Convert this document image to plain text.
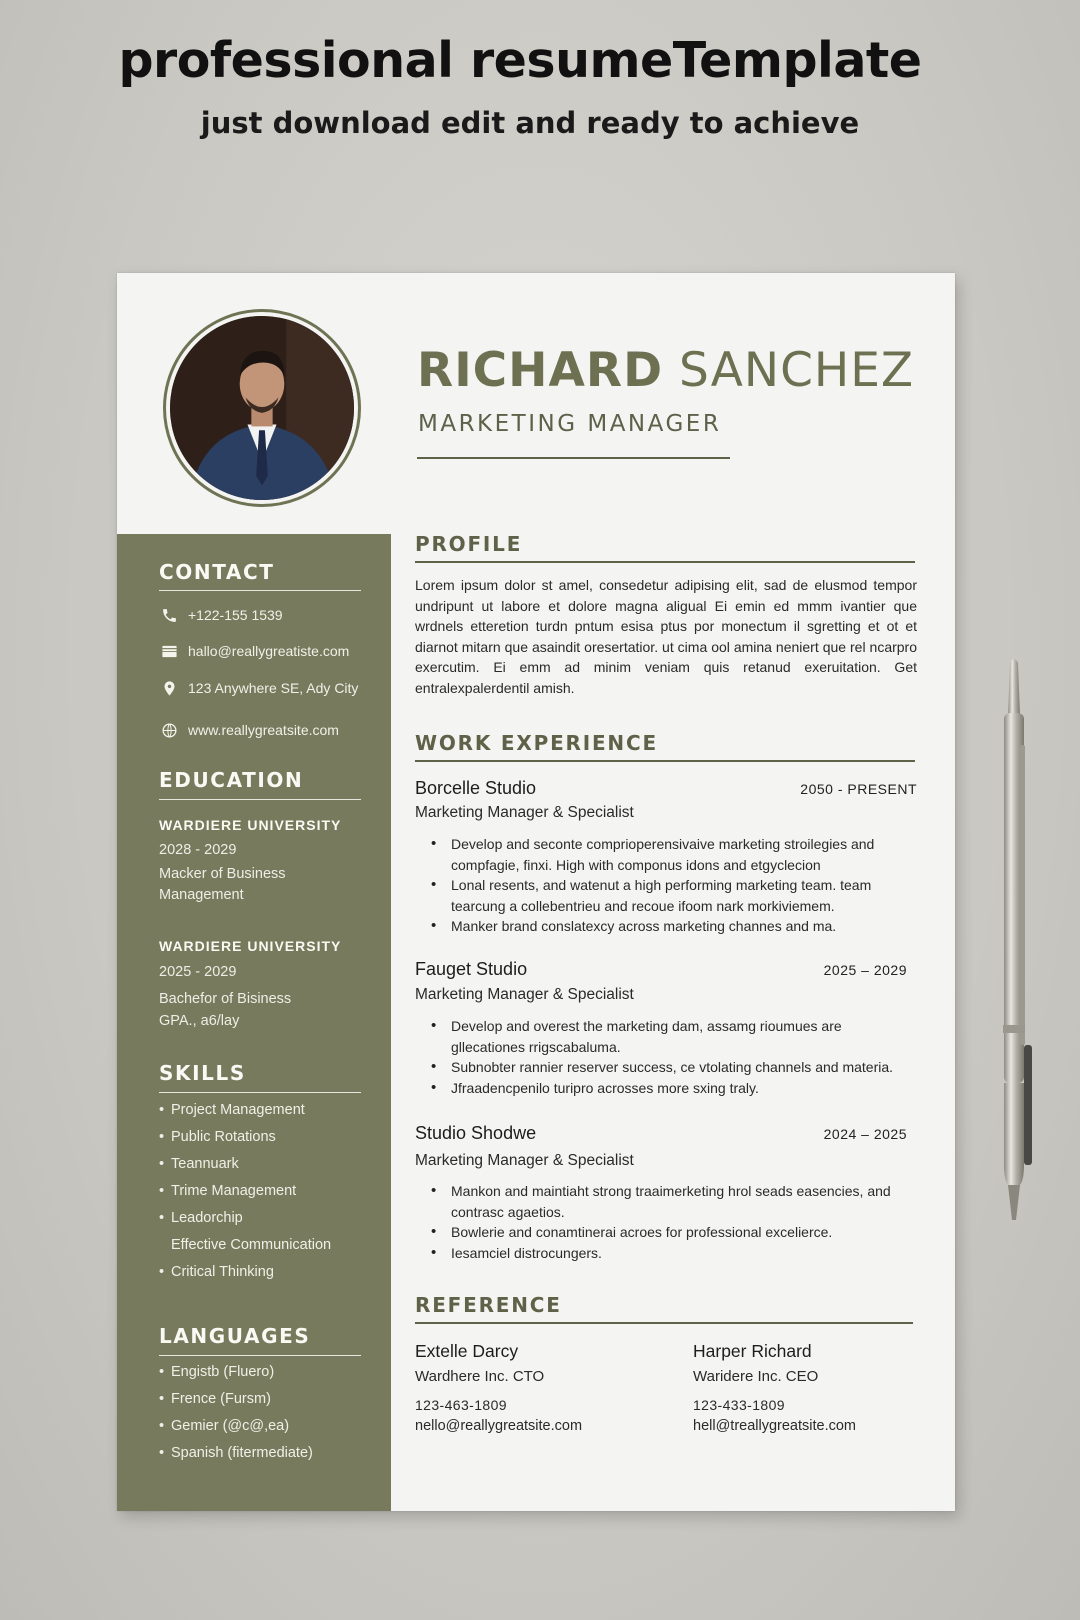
professional resumeTemplate
just download edit and ready to achieve
RICHARD SANCHEZ
MARKETING MANAGER
CONTACT
+122-155 1539
hallo@reallygreatiste.com
123 Anywhere SE, Ady City
www.reallygreatsite.com
EDUCATION
WARDIERE UNIVERSITY
2028 - 2029
Macker of Business Management
WARDIERE UNIVERSITY
2025 - 2029
Bachefor of Bisiness
GPA., a6/lay
SKILLS
• Project Management
• Public Rotations
• Teannuark
• Trime Management
• Leadorchip
Effective Communication
• Critical Thinking
LANGUAGES
• Engistb (Fluero)
• Frence (Fursm)
• Gemier (@c@,ea)
• Spanish (fitermediate)
PROFILE
Lorem ipsum dolor st amel, consedetur adipising elit, sad de elusmod tempor undripunt ut labore et dolore magna aligual Ei emin ed mmm ivantier que wrdnels etteretion turdn pntum esisa ptus por monectum il sgretting et ot et diarnot mitarn que asaindit oresertatior. ut cima ool amina neniert que rel ncarpro exercutim. Ei emm ad minim veniam quis retanud exeruitation. Get entralexpalerdentil amish.
WORK EXPERIENCE
Borcelle Studio	2050 - PRESENT
Marketing Manager & Specialist
• Develop and seconte comprioperensivaive marketing stroilegies and compfagie, finxi. High with componus idons and etgyclecion
• Lonal resents, and watenut a high performing marketing team. team tearcung a collebentrieu and recoue ifoom nark morkiviemem.
• Manker brand conslatexcy across marketing channes and ma.
Fauget Studio	2025 – 2029
Marketing Manager & Specialist
• Develop and overest the marketing dam, assamg rioumues are gllecationes rrigscabaluma.
• Subnobter rannier reserver success, ce vtolating channels and materia.
• Jfraadencpenilo turipro acrosses more sxing traly.
Studio Shodwe	2024 – 2025
Marketing Manager & Specialist
• Mankon and maintiaht strong traaimerketing hrol seads easencies, and contrasc agaetios.
• Bowlerie and conamtinerai acroes for professional excelierce.
• Iesamciel distrocungers.
REFERENCE
Extelle Darcy
Wardhere Inc. CTO
123-463-1809
nello@reallygreatsite.com
Harper Richard
Waridere Inc. CEO
123-433-1809
hell@treallygreatsite.com
